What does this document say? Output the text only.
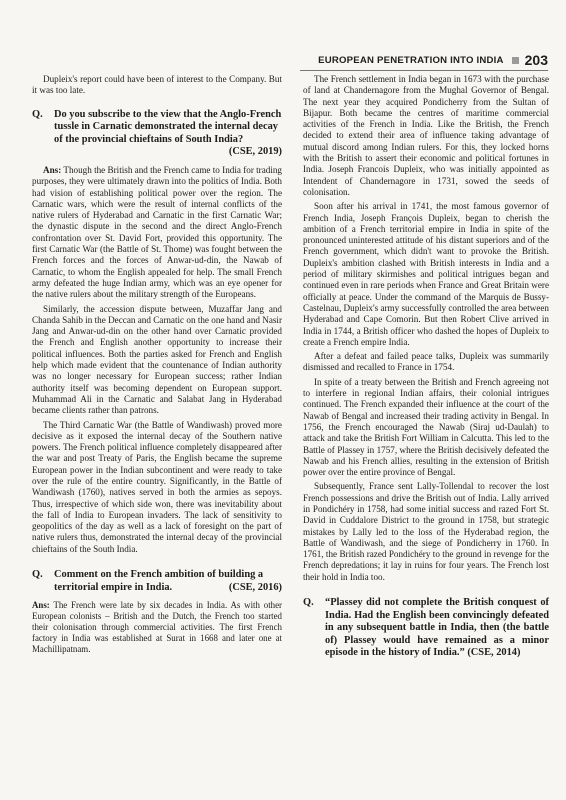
EUROPEAN PENETRATION INTO INDIA 203

Dupleix's report could have been of interest to the Company. But it was too late.

Q.	Do you subscribe to the view that the Anglo-French tussle in Carnatic demonstrated the internal decay of the provincial chieftains of South India?
(CSE, 2019)

Ans: Though the British and the French came to India for trading purposes, they were ultimately drawn into the politics of India. Both had vision of establishing political power over the region. The Carnatic wars, which were the result of internal conflicts of the native rulers of Hyderabad and Carnatic in the first Carnatic War; the dynastic dispute in the second and the direct Anglo-French confrontation over St. David Fort, provided this opportunity. The first Carnatic War (the Battle of St. Thome) was fought between the French forces and the forces of Anwar-ud-din, the Nawab of Carnatic, to whom the English appealed for help. The small French army defeated the huge Indian army, which was an eye opener for the native rulers about the military strength of the Europeans.

Similarly, the accession dispute between, Muzaffar Jang and Chanda Sahib in the Deccan and Carnatic on the one hand and Nasir Jang and Anwar-ud-din on the other hand over Carnatic provided the French and English another opportunity to increase their political influences. Both the parties asked for French and English help which made evident that the countenance of Indian authority was no longer necessary for European success; rather Indian authority itself was becoming dependent on European support. Muhammad Ali in the Carnatic and Salabat Jang in Hyderabad became clients rather than patrons.

The Third Carnatic War (the Battle of Wandiwash) proved more decisive as it exposed the internal decay of the Southern native powers. The French political influence completely disappeared after the war and post Treaty of Paris, the English became the supreme European power in the Indian subcontinent and were ready to take over the rule of the entire country. Significantly, in the Battle of Wandiwash (1760), natives served in both the armies as sepoys. Thus, irrespective of which side won, there was inevitability about the fall of India to European invaders. The lack of sensitivity to geopolitics of the day as well as a lack of foresight on the part of native rulers thus, demonstrated the internal decay of the provincial chieftains of the South India.

Q.	Comment on the French ambition of building a territorial empire in India.	(CSE, 2016)

Ans: The French were late by six decades in India. As with other European colonists – British and the Dutch, the French too started their colonisation through commercial activities. The first French factory in India was established at Surat in 1668 and later one at Machillipatnam.

The French settlement in India began in 1673 with the purchase of land at Chandernagore from the Mughal Governor of Bengal. The next year they acquired Pondicherry from the Sultan of Bijapur. Both became the centres of maritime commercial activities of the French in India. Like the British, the French decided to extend their area of influence taking advantage of mutual discord among Indian rulers. For this, they locked horns with the British to assert their economic and political fortunes in India. Joseph Francois Dupleix, who was initially appointed as Intendent of Chandernagore in 1731, sowed the seeds of colonisation.

Soon after his arrival in 1741, the most famous governor of French India, Joseph François Dupleix, began to cherish the ambition of a French territorial empire in India in spite of the pronounced uninterested attitude of his distant superiors and of the French government, which didn't want to provoke the British. Dupleix's ambition clashed with British interests in India and a period of military skirmishes and political intrigues began and continued even in rare periods when France and Great Britain were officially at peace. Under the command of the Marquis de Bussy-Castelnau, Dupleix's army successfully controlled the area between Hyderabad and Cape Comorin. But then Robert Clive arrived in India in 1744, a British officer who dashed the hopes of Dupleix to create a French empire India.

After a defeat and failed peace talks, Dupleix was summarily dismissed and recalled to France in 1754.

In spite of a treaty between the British and French agreeing not to interfere in regional Indian affairs, their colonial intrigues continued. The French expanded their influence at the court of the Nawab of Bengal and increased their trading activity in Bengal. In 1756, the French encouraged the Nawab (Siraj ud-Daulah) to attack and take the British Fort William in Calcutta. This led to the Battle of Plassey in 1757, where the British decisively defeated the Nawab and his French allies, resulting in the extension of British power over the entire province of Bengal.

Subsequently, France sent Lally-Tollendal to recover the lost French possessions and drive the British out of India. Lally arrived in Pondichéry in 1758, had some initial success and razed Fort St. David in Cuddalore District to the ground in 1758, but strategic mistakes by Lally led to the loss of the Hyderabad region, the Battle of Wandiwash, and the siege of Pondicherry in 1760. In 1761, the British razed Pondichéry to the ground in revenge for the French depredations; it lay in ruins for four years. The French lost their hold in India too.

Q.	“Plassey did not complete the British conquest of India. Had the English been convincingly defeated in any subsequent battle in India, then (the battle of) Plassey would have remained as a minor episode in the history of India.” (CSE, 2014)
